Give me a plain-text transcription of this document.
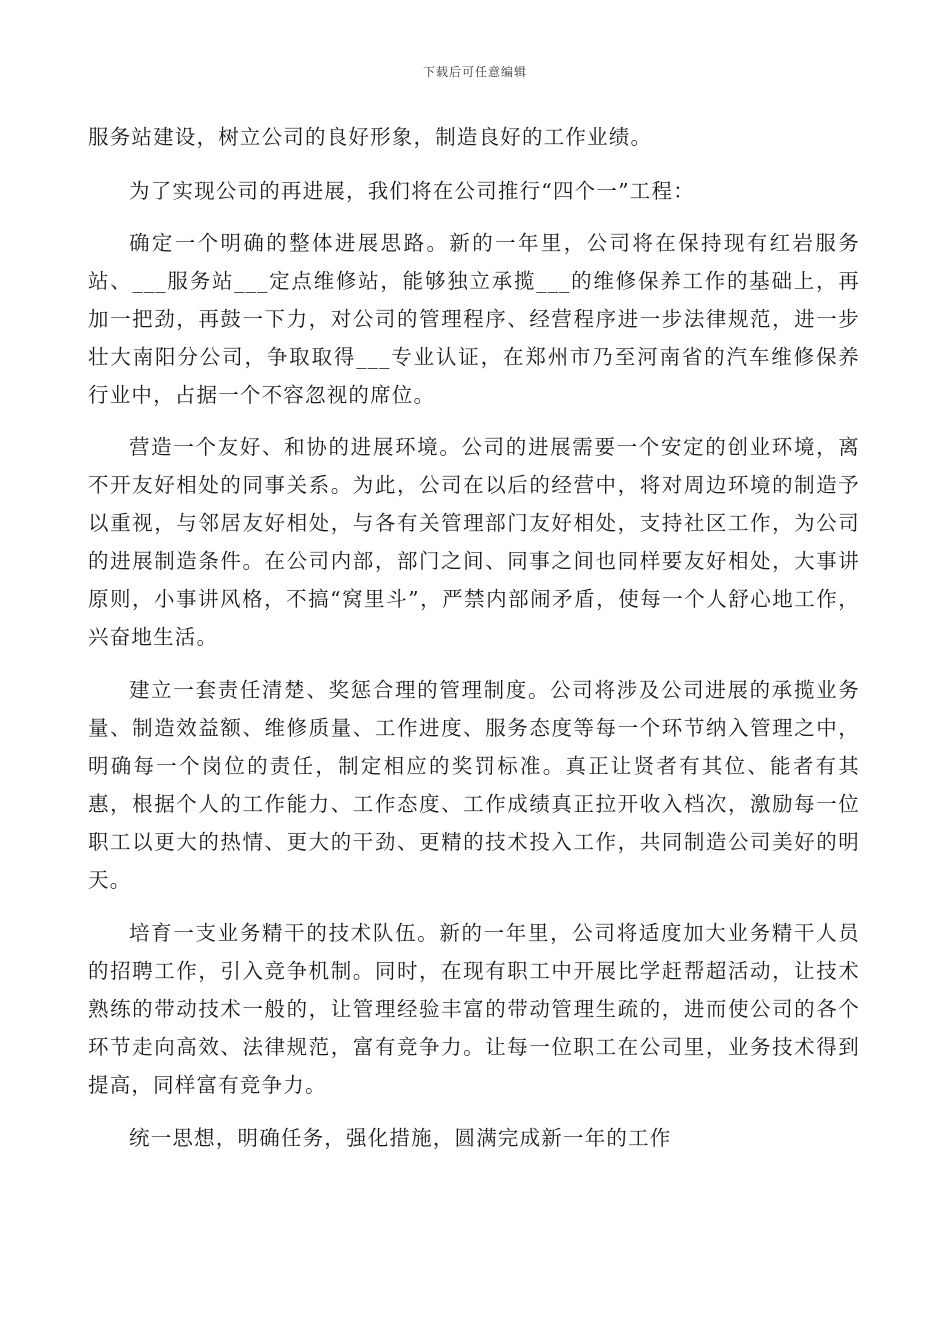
下载后可任意编辑

服务站建设，树立公司的良好形象，制造良好的工作业绩。

为了实现公司的再进展，我们将在公司推行“四个一”工程：

确定一个明确的整体进展思路。新的一年里，公司将在保持现有红岩服务站、___服务站___定点维修站，能够独立承揽___的维修保养工作的基础上，再加一把劲，再鼓一下力，对公司的管理程序、经营程序进一步法律规范，进一步壮大南阳分公司，争取取得___专业认证，在郑州市乃至河南省的汽车维修保养行业中，占据一个不容忽视的席位。

营造一个友好、和协的进展环境。公司的进展需要一个安定的创业环境，离不开友好相处的同事关系。为此，公司在以后的经营中，将对周边环境的制造予以重视，与邻居友好相处，与各有关管理部门友好相处，支持社区工作，为公司的进展制造条件。在公司内部，部门之间、同事之间也同样要友好相处，大事讲原则，小事讲风格，不搞“窝里斗”，严禁内部闹矛盾，使每一个人舒心地工作，兴奋地生活。

建立一套责任清楚、奖惩合理的管理制度。公司将涉及公司进展的承揽业务量、制造效益额、维修质量、工作进度、服务态度等每一个环节纳入管理之中，明确每一个岗位的责任，制定相应的奖罚标准。真正让贤者有其位、能者有其惠，根据个人的工作能力、工作态度、工作成绩真正拉开收入档次，激励每一位职工以更大的热情、更大的干劲、更精的技术投入工作，共同制造公司美好的明天。

培育一支业务精干的技术队伍。新的一年里，公司将适度加大业务精干人员的招聘工作，引入竞争机制。同时，在现有职工中开展比学赶帮超活动，让技术熟练的带动技术一般的，让管理经验丰富的带动管理生疏的，进而使公司的各个环节走向高效、法律规范，富有竞争力。让每一位职工在公司里，业务技术得到提高，同样富有竞争力。

统一思想，明确任务，强化措施，圆满完成新一年的工作
